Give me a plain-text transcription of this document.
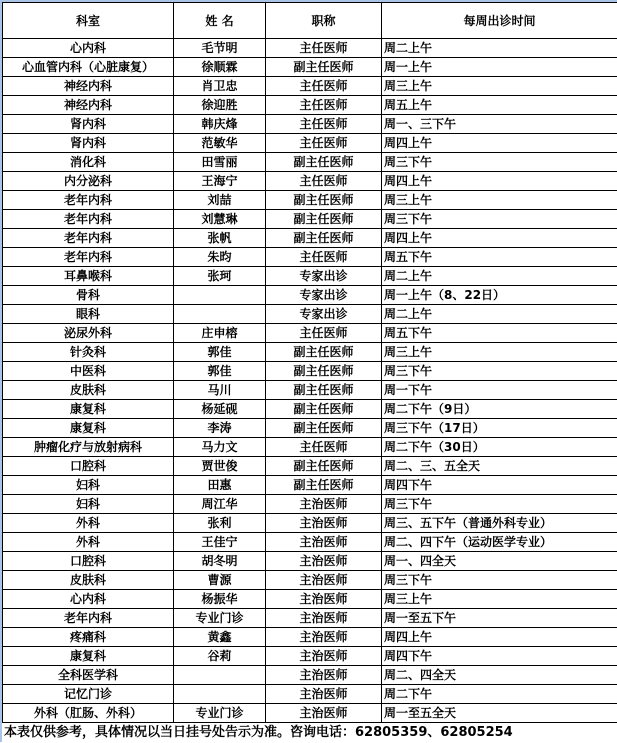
科室	姓 名	职称	每周出诊时间
心内科	毛节明	主任医师	周二上午
心血管内科（心脏康复）	徐顺霖	副主任医师	周一上午
神经内科	肖卫忠	主任医师	周三上午
神经内科	徐迎胜	主任医师	周五上午
肾内科	韩庆烽	主任医师	周一、三下午
肾内科	范敏华	主任医师	周四上午
消化科	田雪丽	副主任医师	周三下午
内分泌科	王海宁	主任医师	周四上午
老年内科	刘喆	副主任医师	周三上午
老年内科	刘慧琳	副主任医师	周三下午
老年内科	张帆	副主任医师	周四上午
老年内科	朱昀	主任医师	周五下午
耳鼻喉科	张珂	专家出诊	周二上午
骨科		专家出诊	周一上午（8、22日）
眼科		专家出诊	周二上午
泌尿外科	庄申榕	主任医师	周五下午
针灸科	郭佳	副主任医师	周三上午
中医科	郭佳	副主任医师	周三下午
皮肤科	马川	副主任医师	周一下午
康复科	杨延砚	副主任医师	周二下午（9日）
康复科	李涛	副主任医师	周三下午（17日）
肿瘤化疗与放射病科	马力文	主任医师	周二下午（30日）
口腔科	贾世俊	副主任医师	周二、三、五全天
妇科	田惠	副主任医师	周四下午
妇科	周江华	主治医师	周三下午
外科	张利	主治医师	周三、五下午（普通外科专业）
外科	王佳宁	主治医师	周二、四下午（运动医学专业）
口腔科	胡冬明	主治医师	周一、四全天
皮肤科	曹源	主治医师	周三下午
心内科	杨振华	主治医师	周三上午
老年内科	专业门诊	主治医师	周一至五下午
疼痛科	黄鑫	主治医师	周四上午
康复科	谷莉	主治医师	周四下午
全科医学科		主治医师	周二、四全天
记忆门诊		主治医师	周二下午
外科（肛肠、外科）	专业门诊	主治医师	周一至五全天
本表仅供参考，具体情况以当日挂号处告示为准。咨询电话：62805359、62805254
